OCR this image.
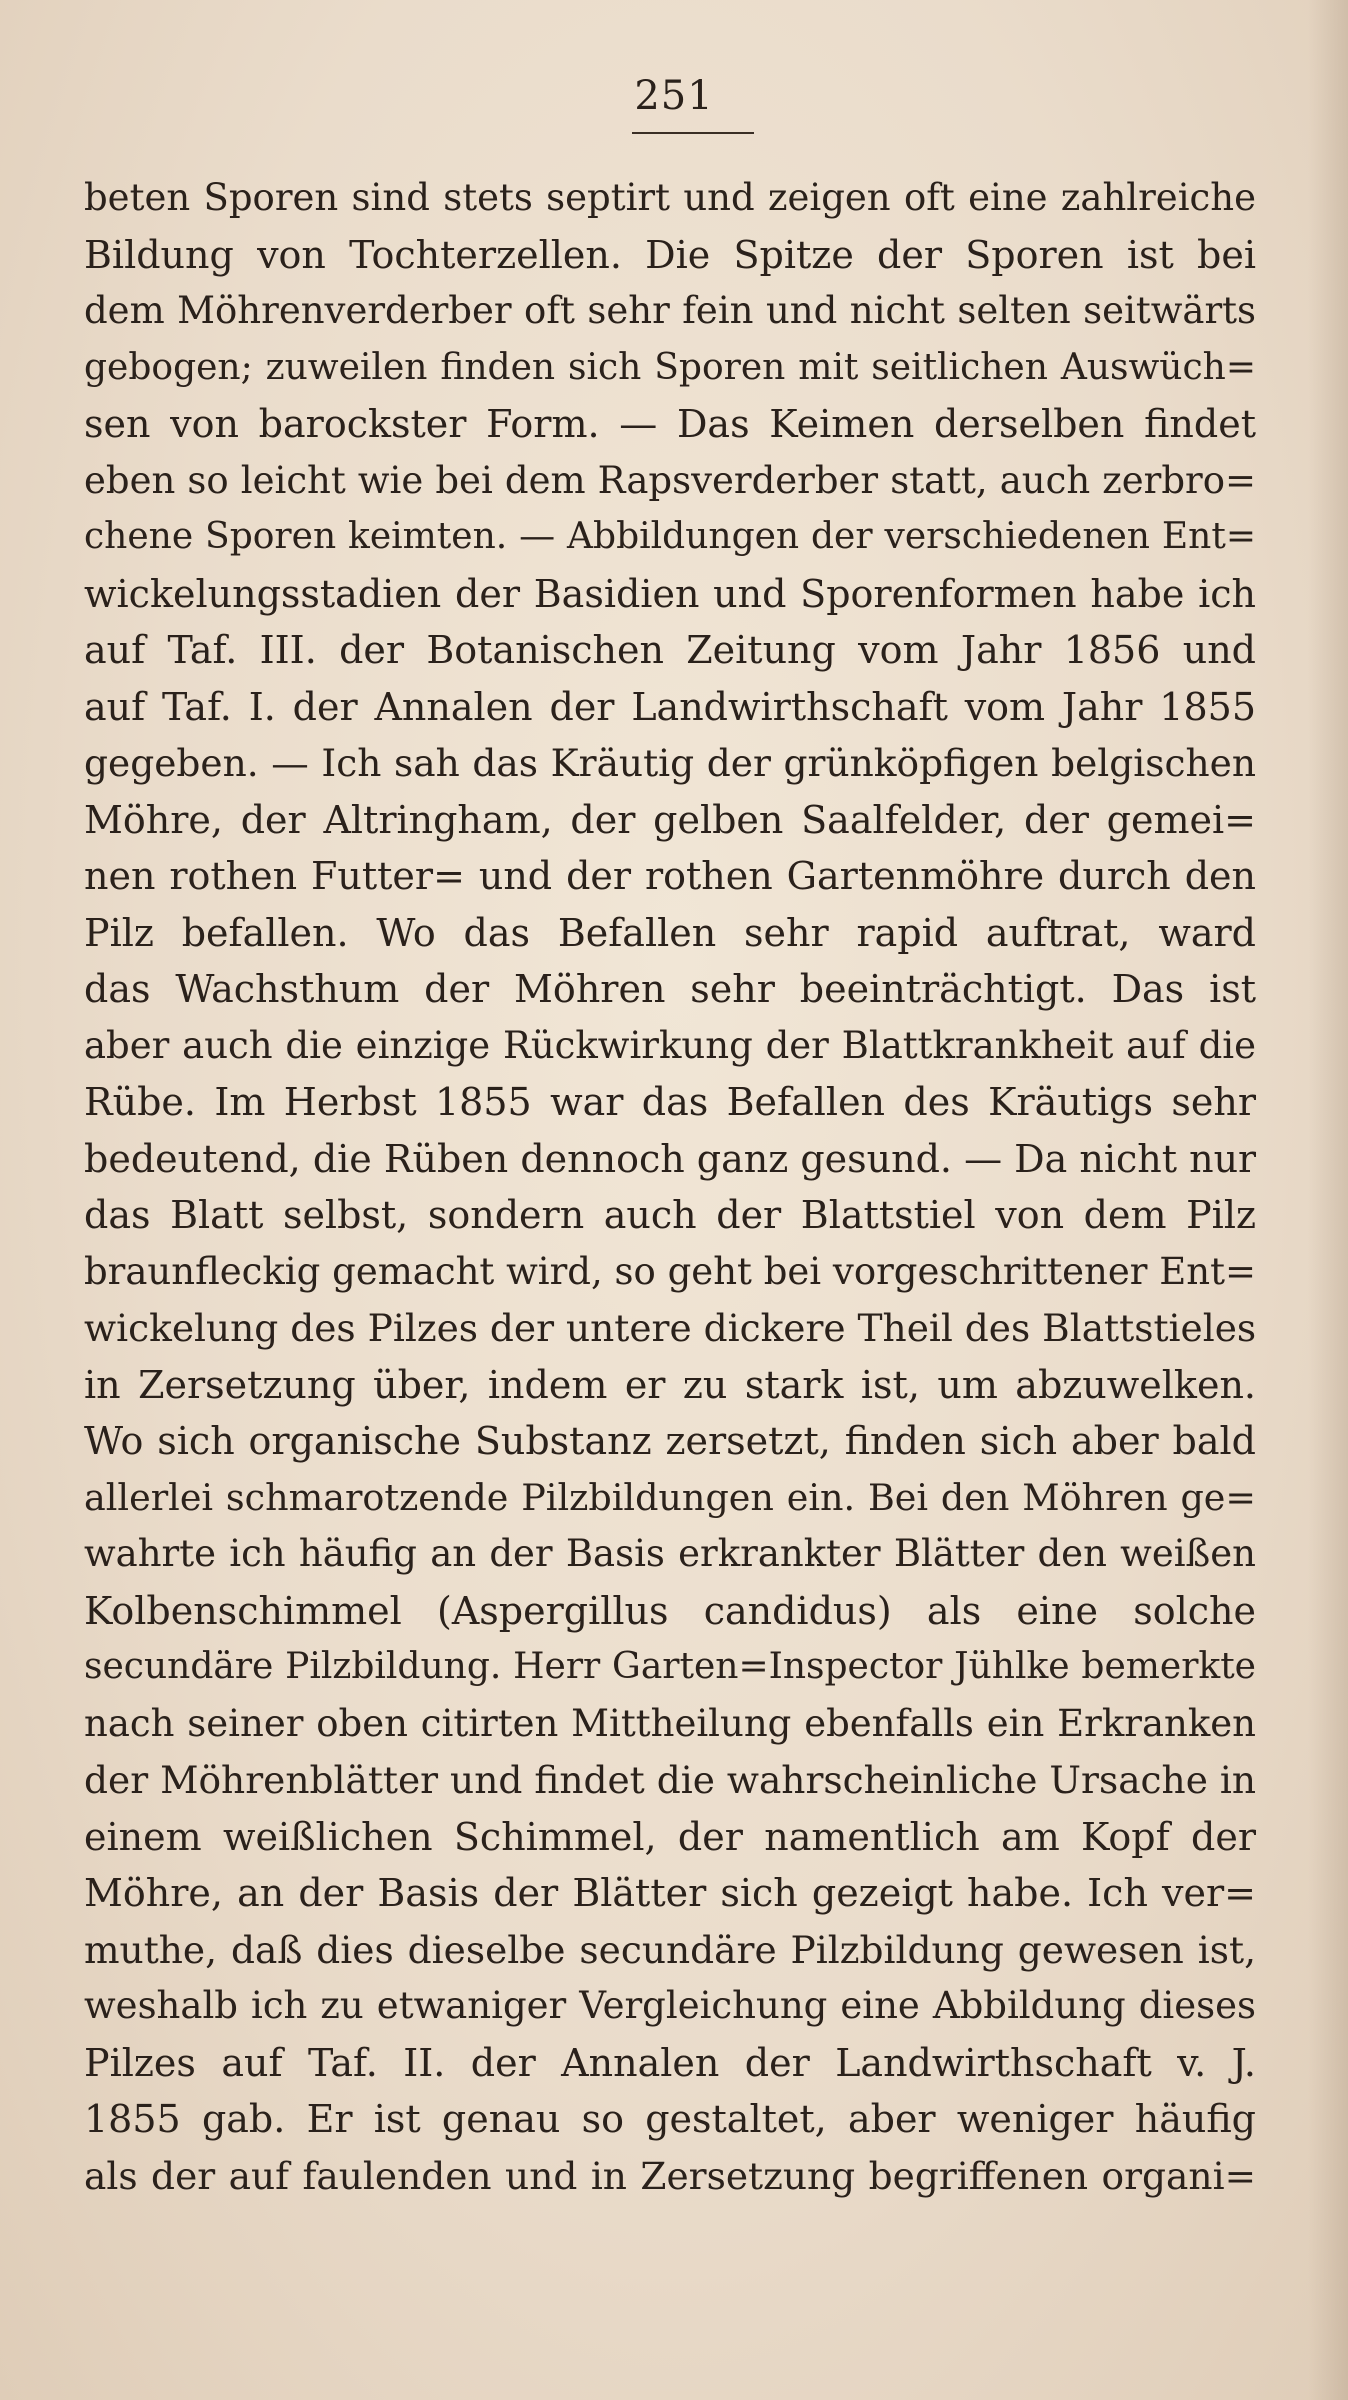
251
beten Sporen sind stets septirt und zeigen oft eine zahlreiche
Bildung von Tochterzellen. Die Spitze der Sporen ist bei
dem Möhrenverderber oft sehr fein und nicht selten seitwärts
gebogen; zuweilen finden sich Sporen mit seitlichen Auswüch=
sen von barockster Form. — Das Keimen derselben findet
eben so leicht wie bei dem Rapsverderber statt, auch zerbro=
chene Sporen keimten. — Abbildungen der verschiedenen Ent=
wickelungsstadien der Basidien und Sporenformen habe ich
auf Taf. III. der Botanischen Zeitung vom Jahr 1856 und
auf Taf. I. der Annalen der Landwirthschaft vom Jahr 1855
gegeben. — Ich sah das Kräutig der grünköpfigen belgischen
Möhre, der Altringham, der gelben Saalfelder, der gemei=
nen rothen Futter= und der rothen Gartenmöhre durch den
Pilz befallen. Wo das Befallen sehr rapid auftrat, ward
das Wachsthum der Möhren sehr beeinträchtigt. Das ist
aber auch die einzige Rückwirkung der Blattkrankheit auf die
Rübe. Im Herbst 1855 war das Befallen des Kräutigs sehr
bedeutend, die Rüben dennoch ganz gesund. — Da nicht nur
das Blatt selbst, sondern auch der Blattstiel von dem Pilz
braunfleckig gemacht wird, so geht bei vorgeschrittener Ent=
wickelung des Pilzes der untere dickere Theil des Blattstieles
in Zersetzung über, indem er zu stark ist, um abzuwelken.
Wo sich organische Substanz zersetzt, finden sich aber bald
allerlei schmarotzende Pilzbildungen ein. Bei den Möhren ge=
wahrte ich häufig an der Basis erkrankter Blätter den weißen
Kolbenschimmel (Aspergillus candidus) als eine solche
secundäre Pilzbildung. Herr Garten=Inspector Jühlke bemerkte
nach seiner oben citirten Mittheilung ebenfalls ein Erkranken
der Möhrenblätter und findet die wahrscheinliche Ursache in
einem weißlichen Schimmel, der namentlich am Kopf der
Möhre, an der Basis der Blätter sich gezeigt habe. Ich ver=
muthe, daß dies dieselbe secundäre Pilzbildung gewesen ist,
weshalb ich zu etwaniger Vergleichung eine Abbildung dieses
Pilzes auf Taf. II. der Annalen der Landwirthschaft v. J.
1855 gab. Er ist genau so gestaltet, aber weniger häufig
als der auf faulenden und in Zersetzung begriffenen organi=
